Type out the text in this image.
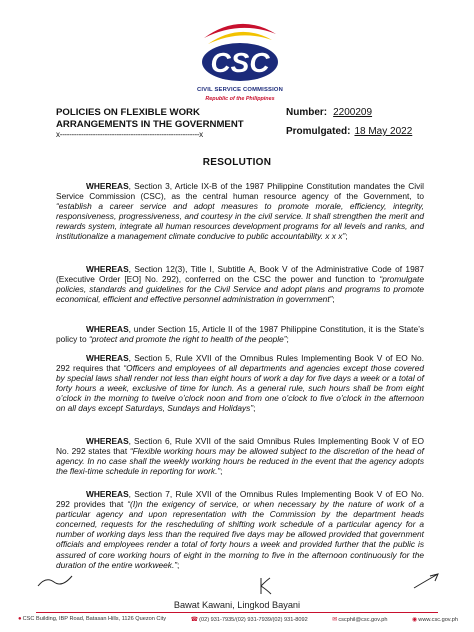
CSC
CIVIL SERVICE COMMISSION
Republic of the Philippines
POLICIES ON FLEXIBLE WORK ARRANGEMENTS IN THE GOVERNMENT
x-----------------------------------------------------------x
Number: 2200209
Promulgated: 18 May 2022
RESOLUTION
WHEREAS, Section 3, Article IX-B of the 1987 Philippine Constitution mandates the Civil Service Commission (CSC), as the central human resource agency of the Government, to “establish a career service and adopt measures to promote morale, efficiency, integrity, responsiveness, progressiveness, and courtesy in the civil service. It shall strengthen the merit and rewards system, integrate all human resources development programs for all levels and ranks, and institutionalize a management climate conducive to public accountability. x x x”;
WHEREAS, Section 12(3), Title I, Subtitle A, Book V of the Administrative Code of 1987 (Executive Order [EO] No. 292), conferred on the CSC the power and function to “promulgate policies, standards and guidelines for the Civil Service and adopt plans and programs to promote economical, efficient and effective personnel administration in government”;
WHEREAS, under Section 15, Article II of the 1987 Philippine Constitution, it is the State’s policy to “protect and promote the right to health of the people”;
WHEREAS, Section 5, Rule XVII of the Omnibus Rules Implementing Book V of EO No. 292 requires that “Officers and employees of all departments and agencies except those covered by special laws shall render not less than eight hours of work a day for five days a week or a total of forty hours a week, exclusive of time for lunch. As a general rule, such hours shall be from eight o’clock in the morning to twelve o’clock noon and from one o’clock to five o’clock in the afternoon on all days except Saturdays, Sundays and Holidays”;
WHEREAS, Section 6, Rule XVII of the said Omnibus Rules Implementing Book V of EO No. 292 states that “Flexible working hours may be allowed subject to the discretion of the head of agency. In no case shall the weekly working hours be reduced in the event that the agency adopts the flexi-time schedule in reporting for work.”;
WHEREAS, Section 7, Rule XVII of the Omnibus Rules Implementing Book V of EO No. 292 provides that “(I)n the exigency of service, or when necessary by the nature of work of a particular agency and upon representation with the Commission by the department heads concerned, requests for the rescheduling of shifting work schedule of a particular agency for a number of working days less than the required five days may be allowed provided that government officials and employees render a total of forty hours a week and provided further that the public is assured of core working hours of eight in the morning to five in the afternoon continuously for the duration of the entire workweek.”;
Bawat Kawani, Lingkod Bayani
●CSC Building, IBP Road, Batasan Hills, 1126 Quezon City	☎(02) 931-7935/(02) 931-7939/(02) 931-8092	✉cscphil@csc.gov.ph	◉www.csc.gov.ph
